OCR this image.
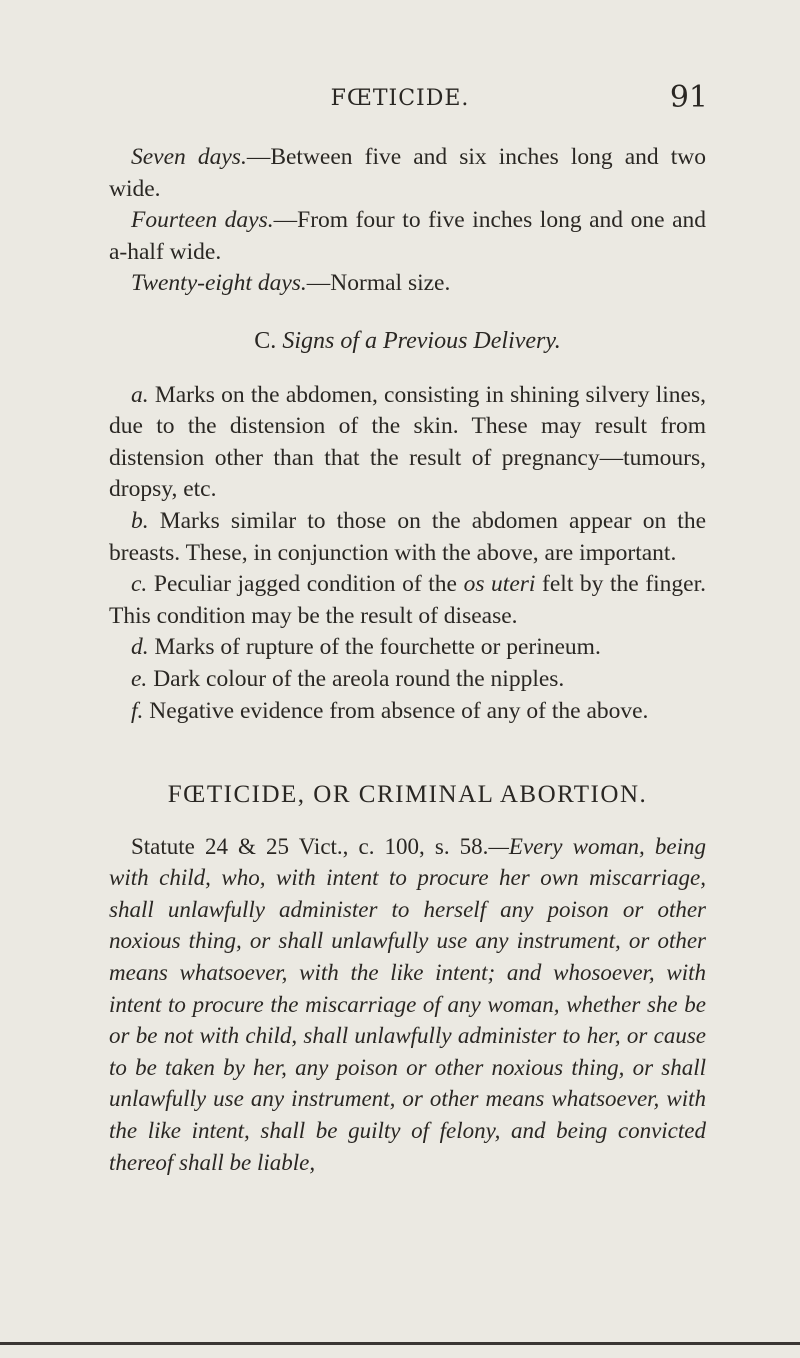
FŒTICIDE.	91

Seven days.—Between five and six inches long and two wide.

Fourteen days.—From four to five inches long and one and a-half wide.

Twenty-eight days.—Normal size.

C. Signs of a Previous Delivery.

a. Marks on the abdomen, consisting in shining silvery lines, due to the distension of the skin. These may result from distension other than that the result of pregnancy—tumours, dropsy, etc.

b. Marks similar to those on the abdomen appear on the breasts. These, in conjunction with the above, are important.

c. Peculiar jagged condition of the os uteri felt by the finger. This condition may be the result of disease.

d. Marks of rupture of the fourchette or perineum.

e. Dark colour of the areola round the nipples.

f. Negative evidence from absence of any of the above.

FŒTICIDE, OR CRIMINAL ABORTION.

Statute 24 & 25 Vict., c. 100, s. 58.—Every woman, being with child, who, with intent to procure her own miscarriage, shall unlawfully administer to herself any poison or other noxious thing, or shall unlawfully use any instrument, or other means whatsoever, with the like intent; and whosoever, with intent to procure the miscarriage of any woman, whether she be or be not with child, shall unlawfully administer to her, or cause to be taken by her, any poison or other noxious thing, or shall unlawfully use any instrument, or other means whatsoever, with the like intent, shall be guilty of felony, and being convicted thereof shall be liable,
